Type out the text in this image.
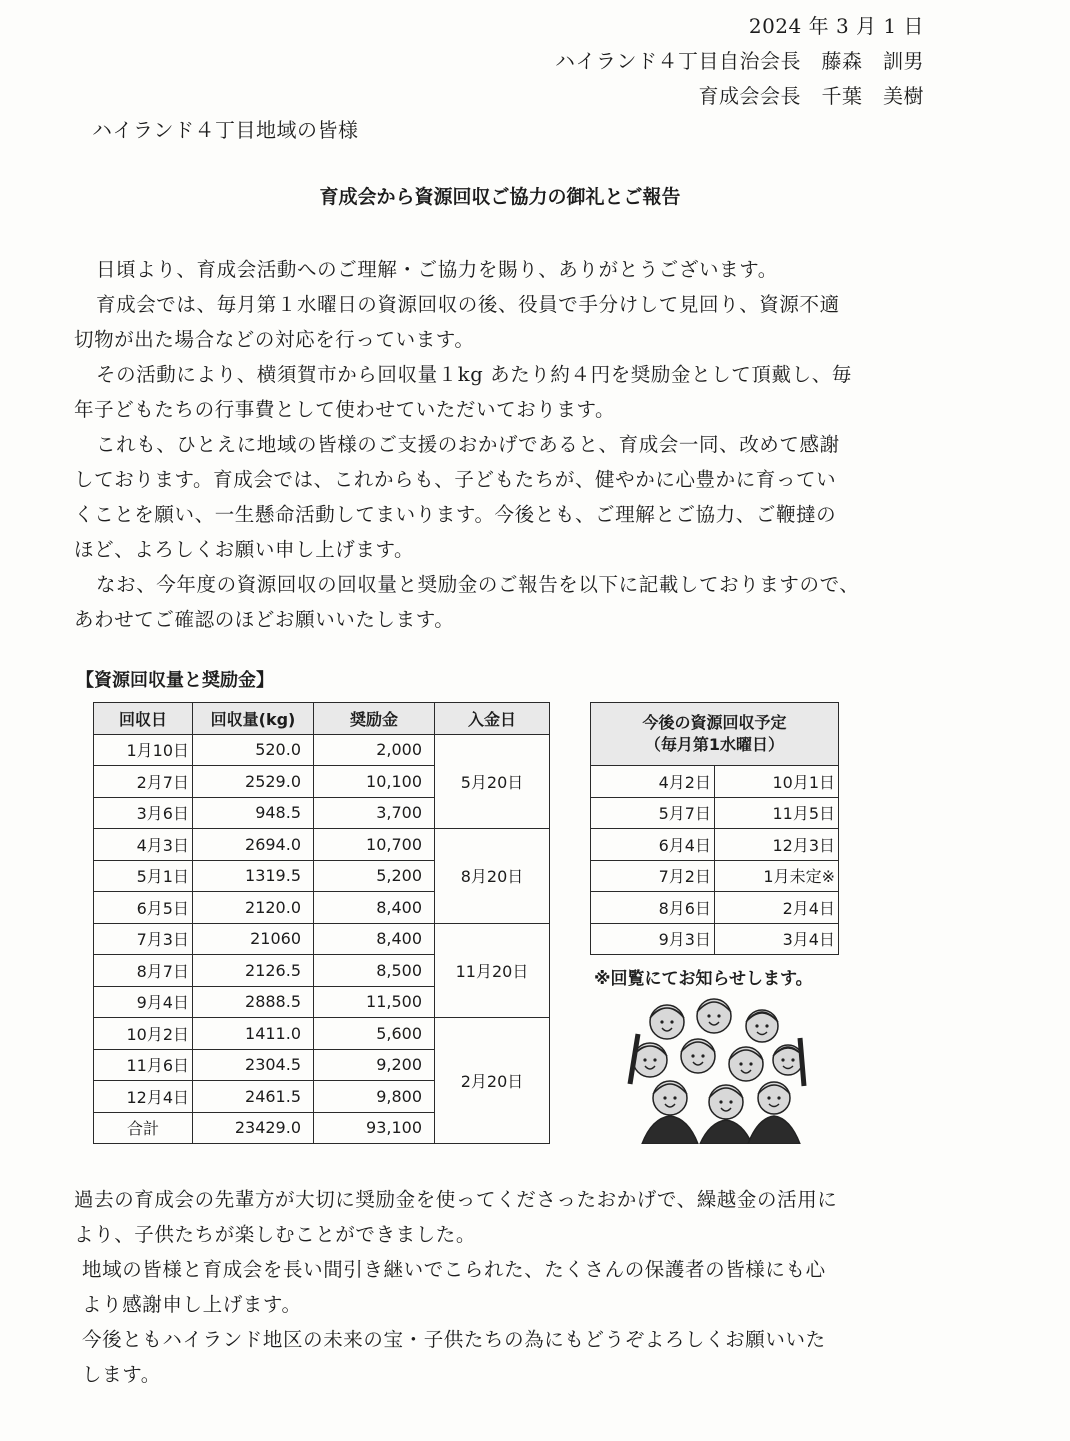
2024 年 3 月 1 日
ハイランド４丁目自治会長　藤森　訓男
育成会会長　千葉　美樹
ハイランド４丁目地域の皆様
育成会から資源回収ご協力の御礼とご報告
日頃より、育成会活動へのご理解・ご協力を賜り、ありがとうございます。
育成会では、毎月第１水曜日の資源回収の後、役員で手分けして見回り、資源不適
切物が出た場合などの対応を行っています。
その活動により、横須賀市から回収量１kg あたり約４円を奨励金として頂戴し、毎
年子どもたちの行事費として使わせていただいております。
これも、ひとえに地域の皆様のご支援のおかげであると、育成会一同、改めて感謝
しております。育成会では、これからも、子どもたちが、健やかに心豊かに育ってい
くことを願い、一生懸命活動してまいります。今後とも、ご理解とご協力、ご鞭撻の
ほど、よろしくお願い申し上げます。
なお、今年度の資源回収の回収量と奨励金のご報告を以下に記載しておりますので、
あわせてご確認のほどお願いいたします。
【資源回収量と奨励金】
回収日	回収量(kg)	奨励金	入金日
1月10日	520.0	2,000	5月20日
2月7日	2529.0	10,100	
3月6日	948.5	3,700	
4月3日	2694.0	10,700	8月20日
5月1日	1319.5	5,200	
6月5日	2120.0	8,400	
7月3日	21060	8,400	11月20日
8月7日	2126.5	8,500	
9月4日	2888.5	11,500	
10月2日	1411.0	5,600	2月20日
11月6日	2304.5	9,200	
12月4日	2461.5	9,800	
合計	23429.0	93,100	
今後の資源回収予定
（毎月第1水曜日）	

4月2日	10月1日
5月7日	11月5日
6月4日	12月3日
7月2日	1月未定※
8月6日	2月4日
9月3日	3月4日
※回覧にてお知らせします。
過去の育成会の先輩方が大切に奨励金を使ってくださったおかげで、繰越金の活用に
より、子供たちが楽しむことができました。
地域の皆様と育成会を長い間引き継いでこられた、たくさんの保護者の皆様にも心
より感謝申し上げます。
今後ともハイランド地区の未来の宝・子供たちの為にもどうぞよろしくお願いいた
します。
